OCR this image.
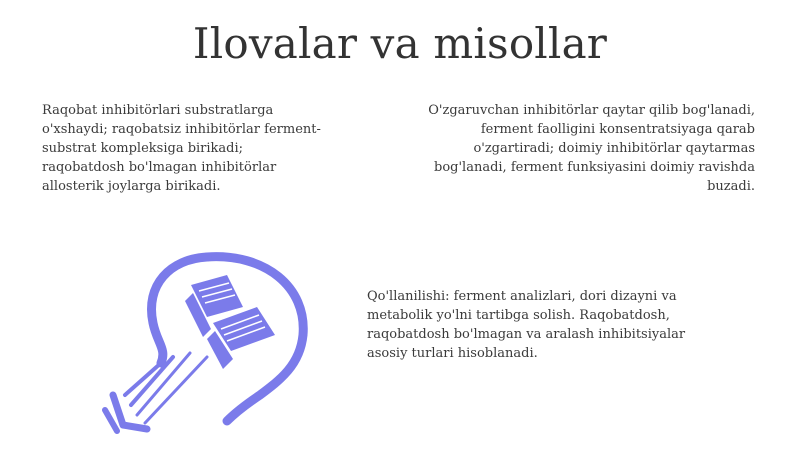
Ilovalar va misollar

Raqobat inhibitörlari substratlarga
o'xshaydi; raqobatsiz inhibitörlar ferment-
substrat kompleksiga birikadi;
raqobatdosh bo'lmagan inhibitörlar
allosterik joylarga birikadi.

O'zgaruvchan inhibitörlar qaytar qilib bog'lanadi,
ferment faolligini konsentratsiyaga qarab
o'zgartiradi; doimiy inhibitörlar qaytarmas
bog'lanadi, ferment funksiyasini doimiy ravishda
buzadi.

Qo'llanilishi: ferment analizlari, dori dizayni va
metabolik yo'lni tartibga solish. Raqobatdosh,
raqobatdosh bo'lmagan va aralash inhibitsiyalar
asosiy turlari hisoblanadi.
